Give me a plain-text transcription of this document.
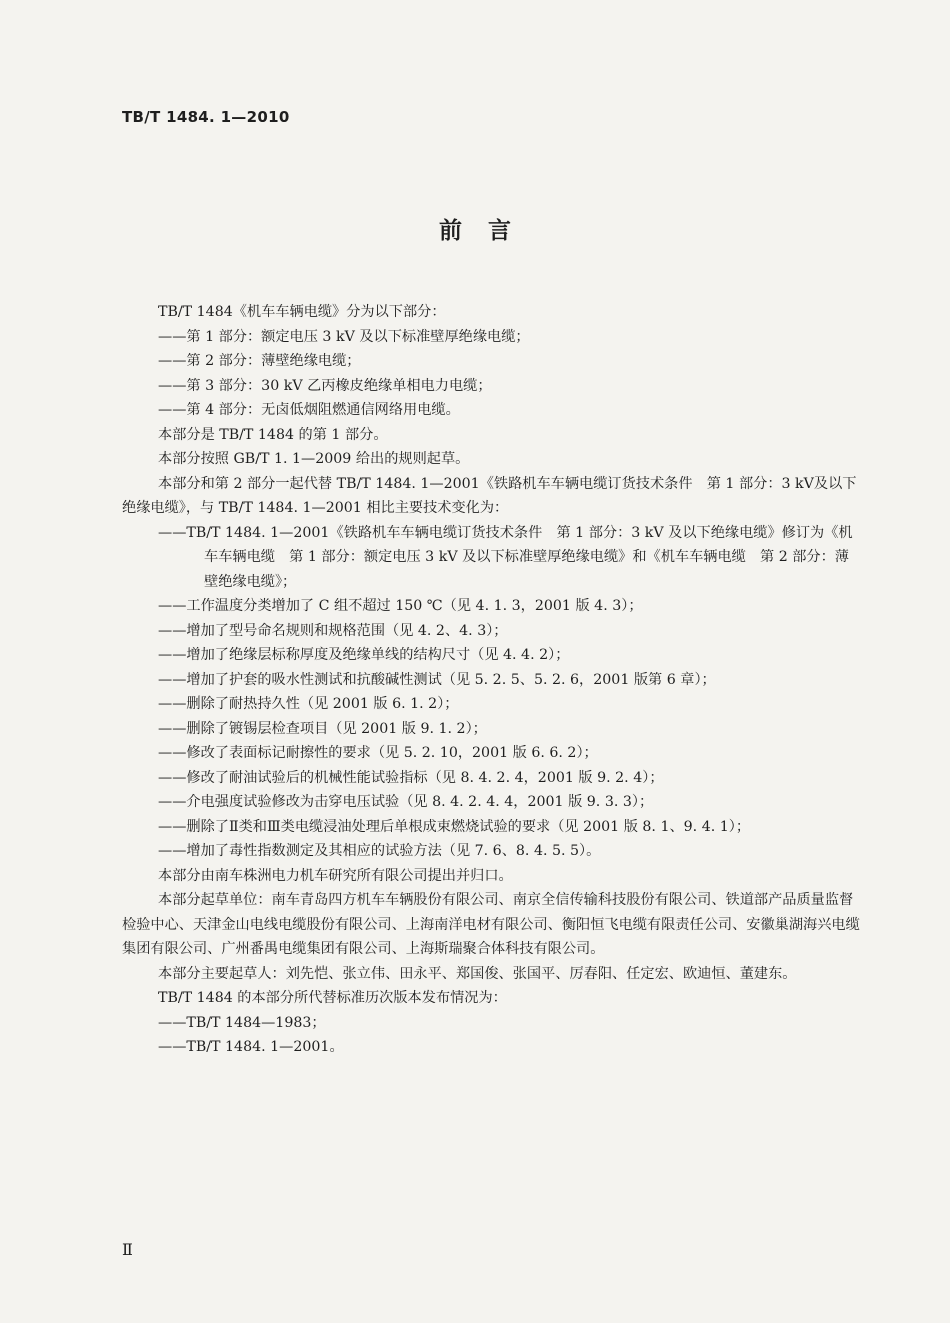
TB/T 1484. 1—2010
前言

TB/T 1484《机车车辆电缆》分为以下部分：

——第 1 部分：额定电压 3 kV 及以下标准壁厚绝缘电缆；

——第 2 部分：薄壁绝缘电缆；

——第 3 部分：30 kV 乙丙橡皮绝缘单相电力电缆；

——第 4 部分：无卤低烟阻燃通信网络用电缆。

本部分是 TB/T 1484 的第 1 部分。

本部分按照 GB/T 1. 1—2009 给出的规则起草。

本部分和第 2 部分一起代替 TB/T 1484. 1—2001《铁路机车车辆电缆订货技术条件　第 1 部分：3 kV及以下绝缘电缆》，与 TB/T 1484. 1—2001 相比主要技术变化为：

——TB/T 1484. 1—2001《铁路机车车辆电缆订货技术条件　第 1 部分：3 kV 及以下绝缘电缆》修订为《机车车辆电缆　第 1 部分：额定电压 3 kV 及以下标准壁厚绝缘电缆》和《机车车辆电缆　第 2 部分：薄壁绝缘电缆》；

——工作温度分类增加了 C 组不超过 150 ℃（见 4. 1. 3，2001 版 4. 3）；

——增加了型号命名规则和规格范围（见 4. 2、4. 3）；

——增加了绝缘层标称厚度及绝缘单线的结构尺寸（见 4. 4. 2）；

——增加了护套的吸水性测试和抗酸碱性测试（见 5. 2. 5、5. 2. 6，2001 版第 6 章）；

——删除了耐热持久性（见 2001 版 6. 1. 2）；

——删除了镀锡层检查项目（见 2001 版 9. 1. 2）；

——修改了表面标记耐擦性的要求（见 5. 2. 10，2001 版 6. 6. 2）；

——修改了耐油试验后的机械性能试验指标（见 8. 4. 2. 4，2001 版 9. 2. 4）；

——介电强度试验修改为击穿电压试验（见 8. 4. 2. 4. 4，2001 版 9. 3. 3）；

——删除了Ⅱ类和Ⅲ类电缆浸油处理后单根成束燃烧试验的要求（见 2001 版 8. 1、9. 4. 1）；

——增加了毒性指数测定及其相应的试验方法（见 7. 6、8. 4. 5. 5）。

本部分由南车株洲电力机车研究所有限公司提出并归口。

本部分起草单位：南车青岛四方机车车辆股份有限公司、南京全信传输科技股份有限公司、铁道部产品质量监督检验中心、天津金山电线电缆股份有限公司、上海南洋电材有限公司、衡阳恒飞电缆有限责任公司、安徽巢湖海兴电缆集团有限公司、广州番禺电缆集团有限公司、上海斯瑞聚合体科技有限公司。

本部分主要起草人：刘先恺、张立伟、田永平、郑国俊、张国平、厉春阳、任定宏、欧迪恒、董建东。

TB/T 1484 的本部分所代替标准历次版本发布情况为：

——TB/T 1484—1983；

——TB/T 1484. 1—2001。

Ⅱ
